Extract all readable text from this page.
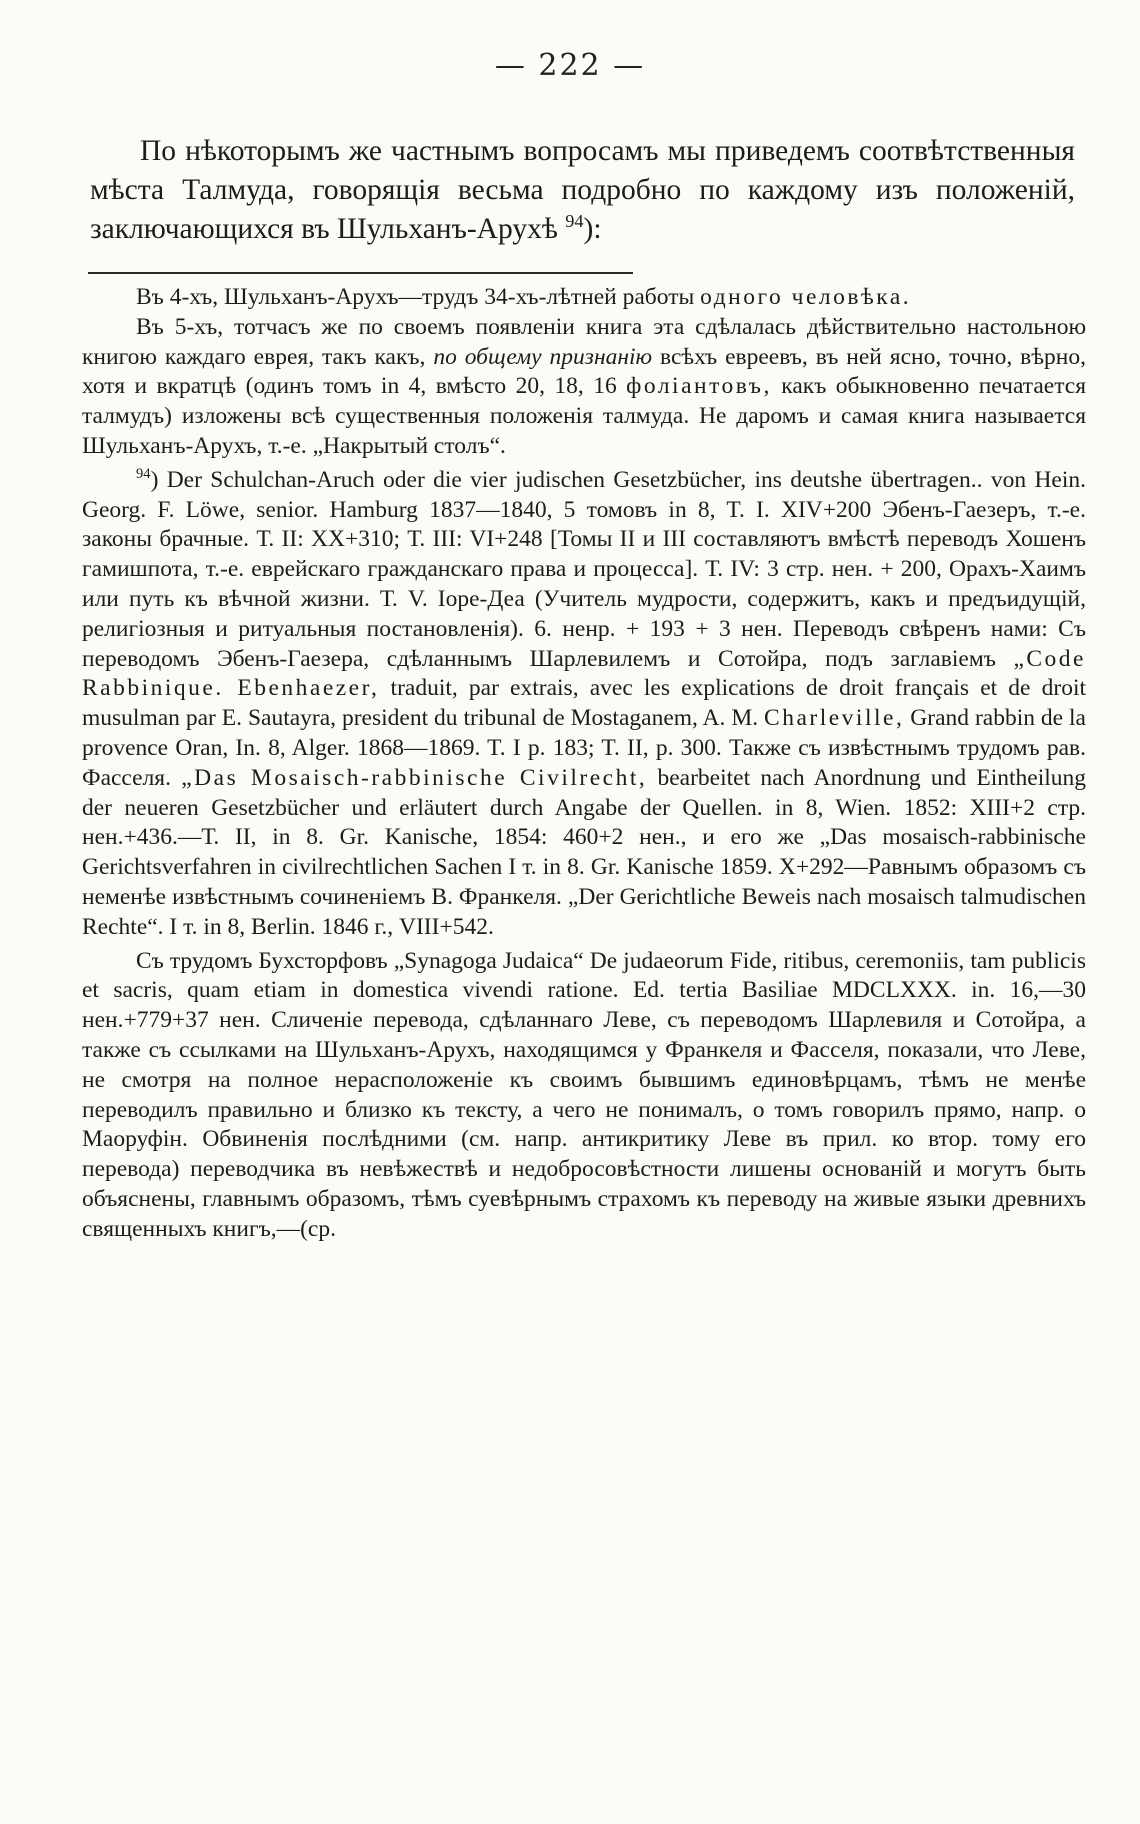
— 222 —

По нѣкоторымъ же частнымъ вопросамъ мы приведемъ соотвѣтственныя мѣста Талмуда, говорящія весьма подробно по каждому изъ положеній, заключающихся въ Шульханъ-Арухѣ $^{94}$):

Въ 4-хъ, Шульханъ-Арухъ—трудъ 34-хъ-лѣтней работы одного человѣка.

Въ 5-хъ, тотчасъ же по своемъ появленіи книга эта сдѣлалась дѣйствительно настольною книгою каждаго еврея, такъ какъ, по общему признанію всѣхъ евреевъ, въ ней ясно, точно, вѣрно, хотя и вкратцѣ (одинъ томъ in 4, вмѣсто 20, 18, 16 фоліантовъ, какъ обыкновенно печатается талмудъ) изложены всѣ существенныя положенія талмуда. Не даромъ и самая книга называется Шульханъ-Арухъ, т.-е. „Накрытый столъ“.

$^{94}$) Der Schulchan-Aruch oder die vier judischen Gesetzbücher, ins deutshe übertragen.. von Hein. Georg. F. Löwe, senior. Hamburg 1837—1840, 5 томовъ in 8, T. I. XIV+200 Эбенъ-Гаезеръ, т.-е. законы брачные. Т. II: XX+310; Т. III: VI+248 [Томы II и III составляютъ вмѣстѣ переводъ Хошенъ гамишпота, т.-е. еврейскаго гражданскаго права и процесса]. Т. IV: 3 стр. нен. + 200, Орахъ-Хаимъ или путь къ вѣчной жизни. Т. V. Iоре-Деа (Учитель мудрости, содержитъ, какъ и предъидущій, религіозныя и ритуальныя постановленія). 6. ненр. + 193 + 3 нен. Переводъ свѣренъ нами: Съ переводомъ Эбенъ-Гаезера, сдѣланнымъ Шарлевилемъ и Сотойра, подъ заглавіемъ „Code Rabbinique. Ebenhaezer, traduit, par extrais, avec les explications de droit français et de droit musulman par E. Sautayra, president du tribunal de Mostaganem, A. M. Charleville, Grand rabbin de la provence Oran, In. 8, Alger. 1868—1869. T. I p. 183; T. II, p. 300. Также съ извѣстнымъ трудомъ рав. Фасселя. „Das Mosaisch-rabbinische Civilrecht, bearbeitet nach Anordnung und Eintheilung der neueren Gesetzbücher und erläutert durch Angabe der Quellen. in 8, Wien. 1852: XIII+2 стр. нен.+436.—Т. II, in 8. Gr. Kanische, 1854: 460+2 нен., и его же „Das mosaisch-rabbinische Gerichtsverfahren in civilrechtlichen Sachen I т. in 8. Gr. Kanische 1859. X+292—Равнымъ образомъ съ неменѣе извѣстнымъ сочиненіемъ В. Франкеля. „Der Gerichtliche Beweis nach mosaisch talmudischen Rechte“. I т. in 8, Berlin. 1846 г., VIII+542.

Съ трудомъ Бухсторфовъ „Synagoga Judaica“ De judaeorum Fide, ritibus, ceremoniis, tam publicis et sacris, quam etiam in domestica vivendi ratione. Ed. tertia Basiliae MDCLXXX. in. 16,—30 нен.+779+37 нен. Сличеніе перевода, сдѣланнаго Леве, съ переводомъ Шарлевиля и Сотойра, а также съ ссылками на Шульханъ-Арухъ, находящимся у Франкеля и Фасселя, показали, что Леве, не смотря на полное нерасположеніе къ своимъ бывшимъ единовѣрцамъ, тѣмъ не менѣе переводилъ правильно и близко къ тексту, а чего не понималъ, о томъ говорилъ прямо, напр. о Маоруфін. Обвиненія послѣдними (см. напр. антикритику Леве въ прил. ко втор. тому его перевода) переводчика въ невѣжествѣ и недобросовѣстности лишены основаній и могутъ быть объяснены, главнымъ образомъ, тѣмъ суевѣрнымъ страхомъ къ переводу на живые языки древнихъ священныхъ книгъ,—(ср.
